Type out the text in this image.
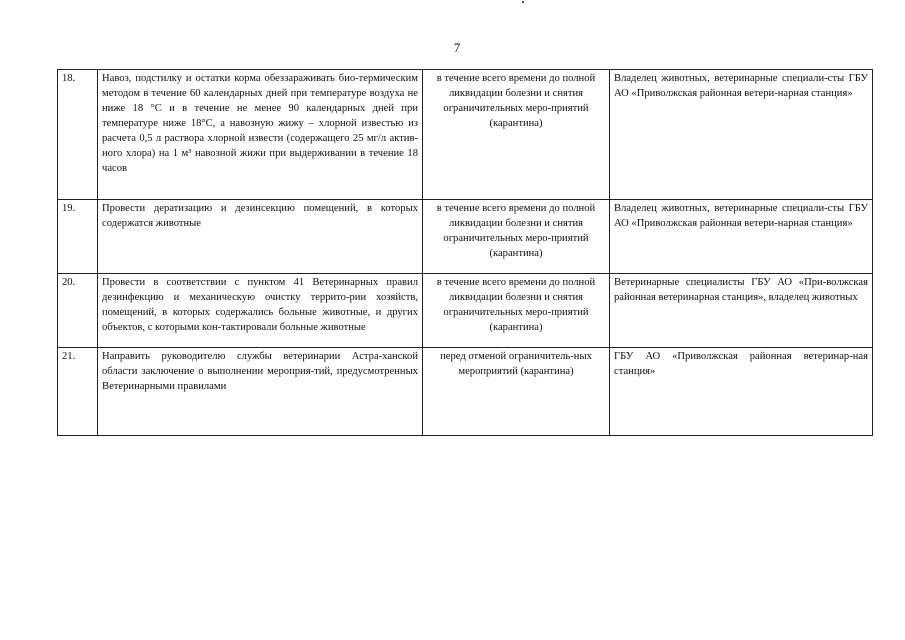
7
18.	Навоз, подстилку и остатки корма обеззараживать био-термическим методом в течение 60 календарных дней при температуре воздуха не ниже 18 °С и в течение не менее 90 календарных дней при температуре ниже 18°С, а навозную жижу – хлорной известью из расчета 0,5 л раствора хлорной извести (содержащего 25 мг/л актив-ного хлора) на 1 м³ навозной жижи при выдерживании в течение 18 часов	в течение всего времени до полной ликвидации болезни и снятия ограничительных меро-приятий (карантина)	Владелец животных, ветеринарные специали-сты ГБУ АО «Приволжская районная ветери-нарная станция»
19.	Провести дератизацию и дезинсекцию помещений, в которых содержатся животные	в течение всего времени до полной ликвидации болезни и снятия ограничительных меро-приятий (карантина)	Владелец животных, ветеринарные специали-сты ГБУ АО «Приволжская районная ветери-нарная станция»
20.	Провести в соответствии с пунктом 41 Ветеринарных правил дезинфекцию и механическую очистку террито-рии хозяйств, помещений, в которых содержались больные животные, и других объектов, с которыми кон-тактировали больные животные	в течение всего времени до полной ликвидации болезни и снятия ограничительных меро-приятий (карантина)	Ветеринарные специалисты ГБУ АО «При-волжская районная ветеринарная станция», владелец животных
21.	Направить руководителю службы ветеринарии Астра-ханской области заключение о выполнении мероприя-тий, предусмотренных Ветеринарными правилами	перед отменой ограничитель-ных мероприятий (карантина)	ГБУ АО «Приволжская районная ветеринар-ная станция»
